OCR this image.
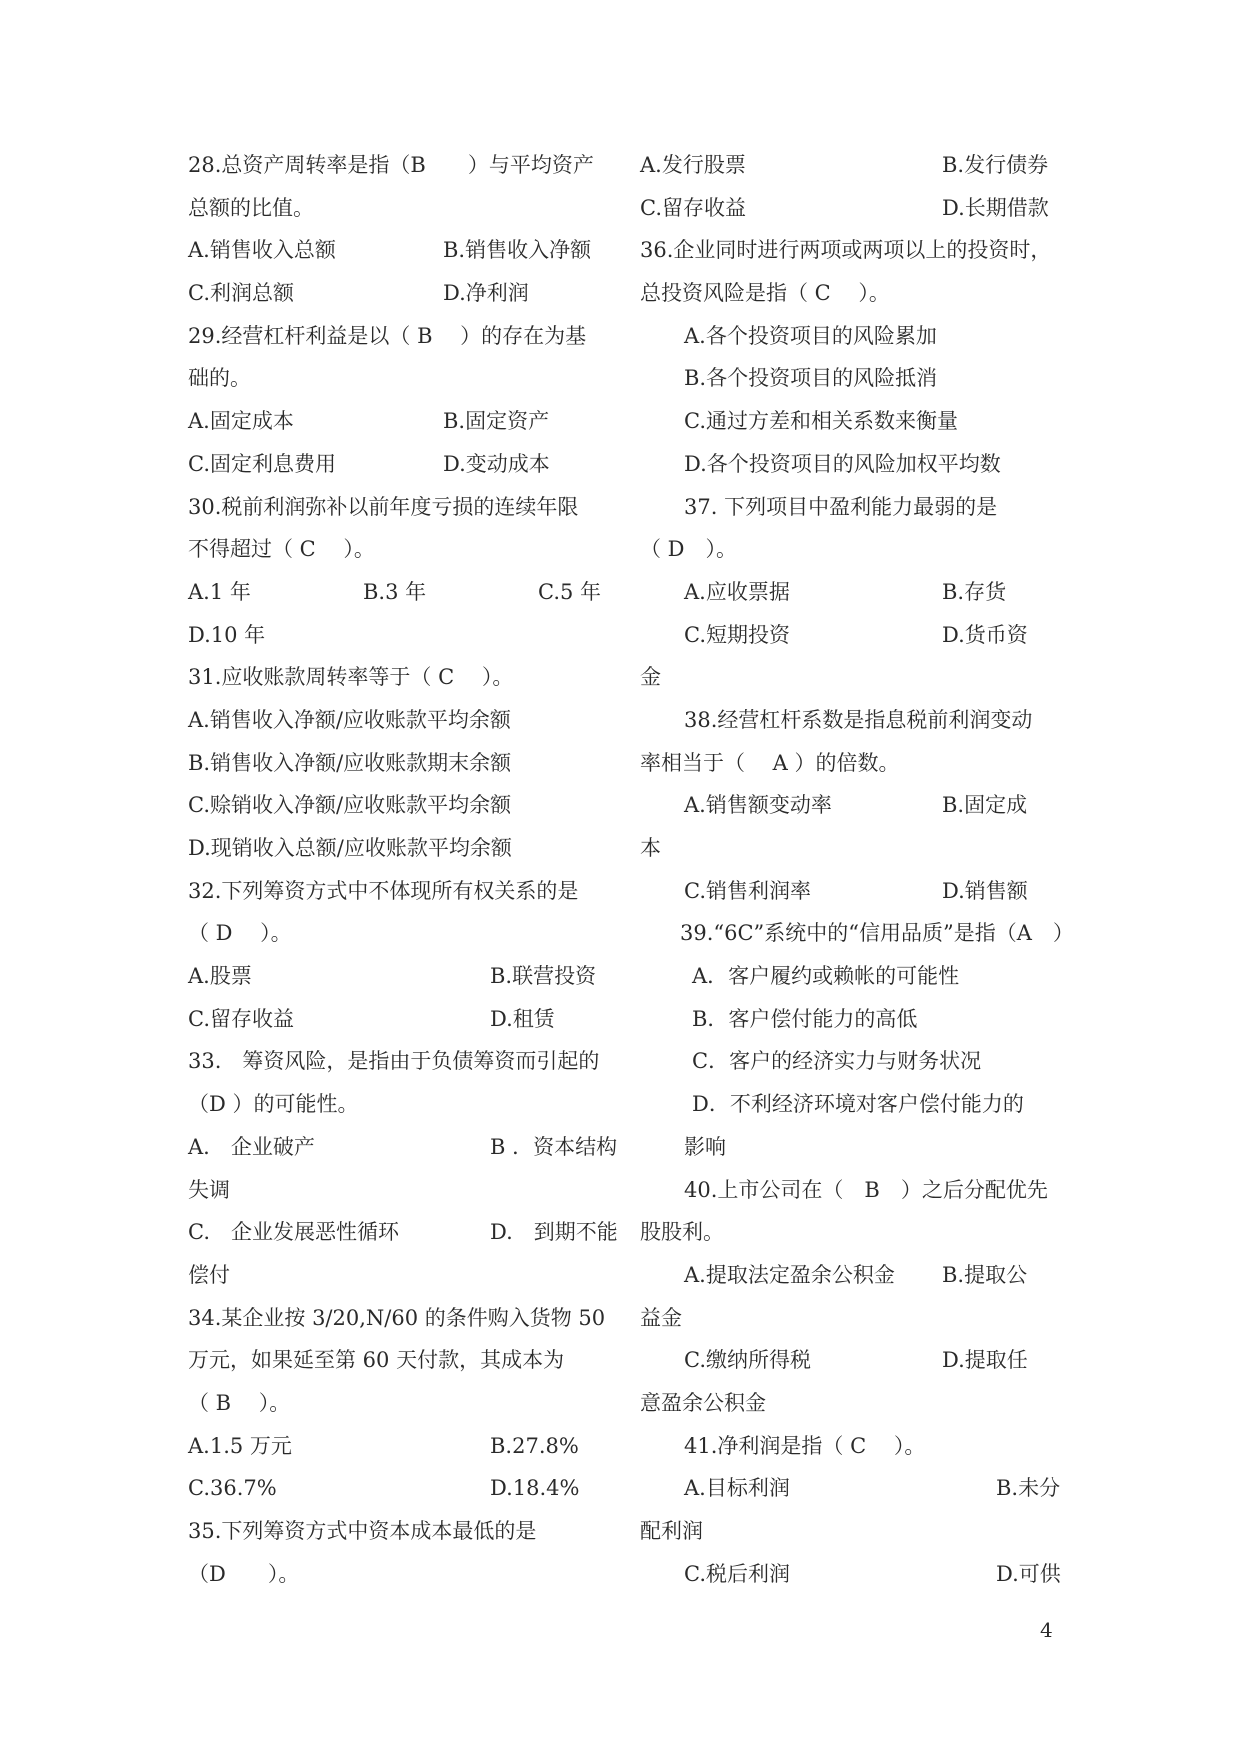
28.总资产周转率是指（B　　）与平均资产
总额的比值。
A.销售收入总额	B.销售收入净额
C.利润总额	D.净利润
29.经营杠杆利益是以（ B　 ）的存在为基
础的。
A.固定成本	B.固定资产
C.固定利息费用	D.变动成本
30.税前利润弥补以前年度亏损的连续年限
不得超过（ C　 ）。
A.1 年	B.3 年	C.5 年
D.10 年
31.应收账款周转率等于（ C　 ）。
A.销售收入净额/应收账款平均余额
B.销售收入净额/应收账款期末余额
C.赊销收入净额/应收账款平均余额
D.现销收入总额/应收账款平均余额
32.下列筹资方式中不体现所有权关系的是
（ D　 ）。
A.股票	B.联营投资
C.留存收益	D.租赁
33.　筹资风险，是指由于负债筹资而引起的
（D ）的可能性。
A.　企业破产	B ．资本结构
失调
C.　企业发展恶性循环	D.　到期不能
偿付
34.某企业按 3/20,N/60 的条件购入货物 50
万元，如果延至第 60 天付款，其成本为
（ B　 ）。
A.1.5 万元	B.27.8%
C.36.7%	D.18.4%
35.下列筹资方式中资本成本最低的是
（D　　）。
A.发行股票	B.发行债券
C.留存收益	D.长期借款
36.企业同时进行两项或两项以上的投资时，
总投资风险是指（ C　 ）。
A.各个投资项目的风险累加
B.各个投资项目的风险抵消
C.通过方差和相关系数来衡量
D.各个投资项目的风险加权平均数
37. 下列项目中盈利能力最弱的是
（ D　）。
A.应收票据	B.存货
C.短期投资	D.货币资
金
38.经营杠杆系数是指息税前利润变动
率相当于（　 A ）的倍数。
A.销售额变动率	B.固定成
本
C.销售利润率	D.销售额
39.“6C”系统中的“信用品质”是指（A　）
A．客户履约或赖帐的可能性
B．客户偿付能力的高低
C．客户的经济实力与财务状况
D．不利经济环境对客户偿付能力的
影响
40.上市公司在（　B　）之后分配优先
股股利。
A.提取法定盈余公积金	B.提取公
益金
C.缴纳所得税	D.提取任
意盈余公积金
41.净利润是指（ C　 ）。
A.目标利润	B.未分
配利润
C.税后利润	D.可供
4
